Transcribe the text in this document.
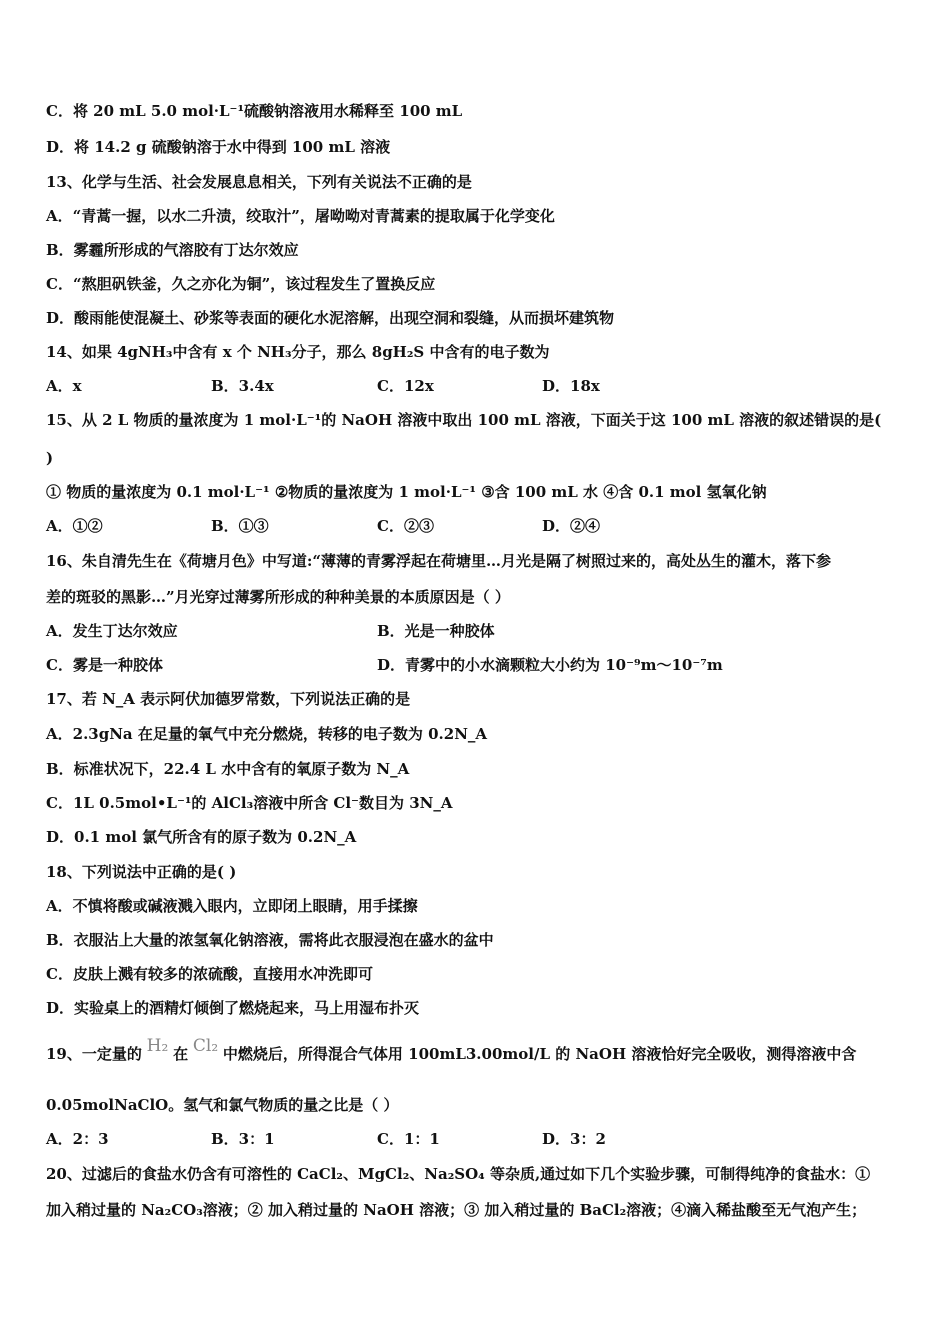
C．将 20 mL 5.0 mol·L⁻¹硫酸钠溶液用水稀释至 100 mL
D．将 14.2 g 硫酸钠溶于水中得到 100 mL 溶液
13、化学与生活、社会发展息息相关，下列有关说法不正确的是
A．“青蒿一握，以水二升渍，绞取汁”，屠呦呦对青蒿素的提取属于化学变化
B．雾霾所形成的气溶胶有丁达尔效应
C．“熬胆矾铁釜，久之亦化为铜”，该过程发生了置换反应
D．酸雨能使混凝土、砂浆等表面的硬化水泥溶解，出现空洞和裂缝，从而损坏建筑物
14、如果 4gNH₃中含有 x 个 NH₃分子，那么 8gH₂S 中含有的电子数为
A．x	B．3.4x	C．12x	D．18x
15、从 2 L 物质的量浓度为 1 mol·L⁻¹的 NaOH 溶液中取出 100 mL 溶液，下面关于这 100 mL 溶液的叙述错误的是(
)
① 物质的量浓度为 0.1 mol·L⁻¹ ②物质的量浓度为 1 mol·L⁻¹ ③含 100 mL 水 ④含 0.1 mol 氢氧化钠
A．①②	B．①③	C．②③	D．②④
16、朱自清先生在《荷塘月色》中写道:“薄薄的青雾浮起在荷塘里…月光是隔了树照过来的，高处丛生的灌木，落下参
差的斑驳的黑影…”月光穿过薄雾所形成的种种美景的本质原因是（ ）
A．发生丁达尔效应	B．光是一种胶体
C．雾是一种胶体	D．青雾中的小水滴颗粒大小约为 10⁻⁹m～10⁻⁷m
17、若 N_A 表示阿伏加德罗常数，下列说法正确的是
A．2.3gNa 在足量的氧气中充分燃烧，转移的电子数为 0.2N_A
B．标准状况下，22.4 L 水中含有的氧原子数为 N_A
C．1L 0.5mol•L⁻¹的 AlCl₃溶液中所含 Cl⁻数目为 3N_A
D．0.1 mol 氯气所含有的原子数为 0.2N_A
18、下列说法中正确的是( )
A．不慎将酸或碱液溅入眼内，立即闭上眼睛，用手揉擦
B．衣服沾上大量的浓氢氧化钠溶液，需将此衣服浸泡在盛水的盆中
C．皮肤上溅有较多的浓硫酸，直接用水冲洗即可
D．实验桌上的酒精灯倾倒了燃烧起来，马上用湿布扑灭
19、一定量的 H₂ 在 Cl₂ 中燃烧后，所得混合气体用 100mL3.00mol/L 的 NaOH 溶液恰好完全吸收，测得溶液中含
0.05molNaClO。氢气和氯气物质的量之比是（ ）
A．2：3	B．3：1	C．1：1	D．3：2
20、过滤后的食盐水仍含有可溶性的 CaCl₂、MgCl₂、Na₂SO₄ 等杂质,通过如下几个实验步骤，可制得纯净的食盐水：①
加入稍过量的 Na₂CO₃溶液；② 加入稍过量的 NaOH 溶液；③ 加入稍过量的 BaCl₂溶液；④滴入稀盐酸至无气泡产生；
